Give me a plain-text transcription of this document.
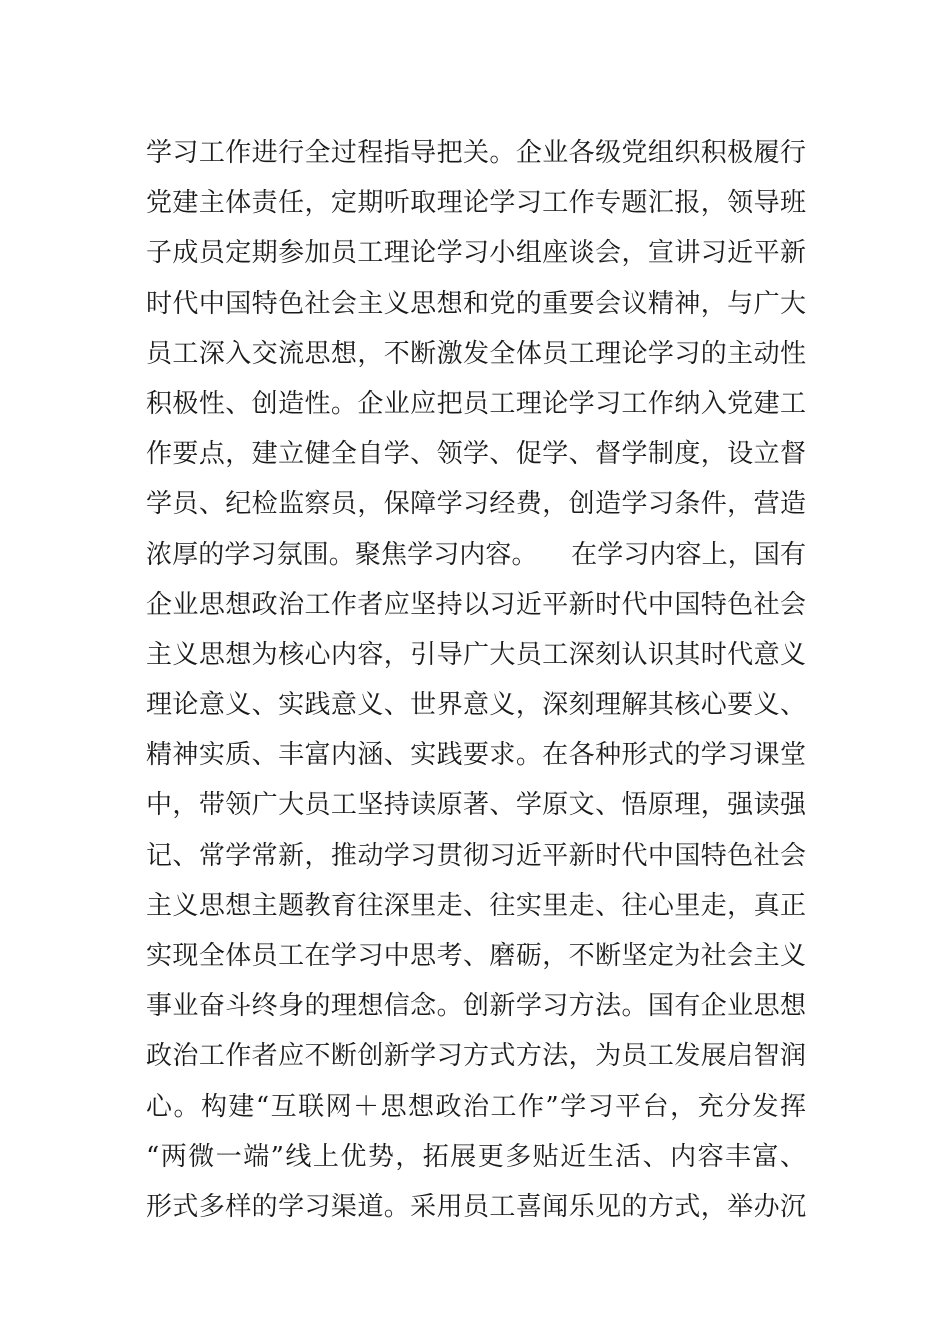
学习工作进行全过程指导把关。企业各级党组织积极履行
党建主体责任，定期听取理论学习工作专题汇报，领导班
子成员定期参加员工理论学习小组座谈会，宣讲习近平新
时代中国特色社会主义思想和党的重要会议精神，与广大
员工深入交流思想，不断激发全体员工理论学习的主动性
积极性、创造性。企业应把员工理论学习工作纳入党建工
作要点，建立健全自学、领学、促学、督学制度，设立督
学员、纪检监察员，保障学习经费，创造学习条件，营造
浓厚的学习氛围。聚焦学习内容。    在学习内容上，国有
企业思想政治工作者应坚持以习近平新时代中国特色社会
主义思想为核心内容，引导广大员工深刻认识其时代意义
理论意义、实践意义、世界意义，深刻理解其核心要义、
精神实质、丰富内涵、实践要求。在各种形式的学习课堂
中，带领广大员工坚持读原著、学原文、悟原理，强读强
记、常学常新，推动学习贯彻习近平新时代中国特色社会
主义思想主题教育往深里走、往实里走、往心里走，真正
实现全体员工在学习中思考、磨砺，不断坚定为社会主义
事业奋斗终身的理想信念。创新学习方法。国有企业思想
政治工作者应不断创新学习方式方法，为员工发展启智润
心。构建“互联网＋思想政治工作”学习平台，充分发挥
“两微一端”线上优势，拓展更多贴近生活、内容丰富、
形式多样的学习渠道。采用员工喜闻乐见的方式，举办沉
